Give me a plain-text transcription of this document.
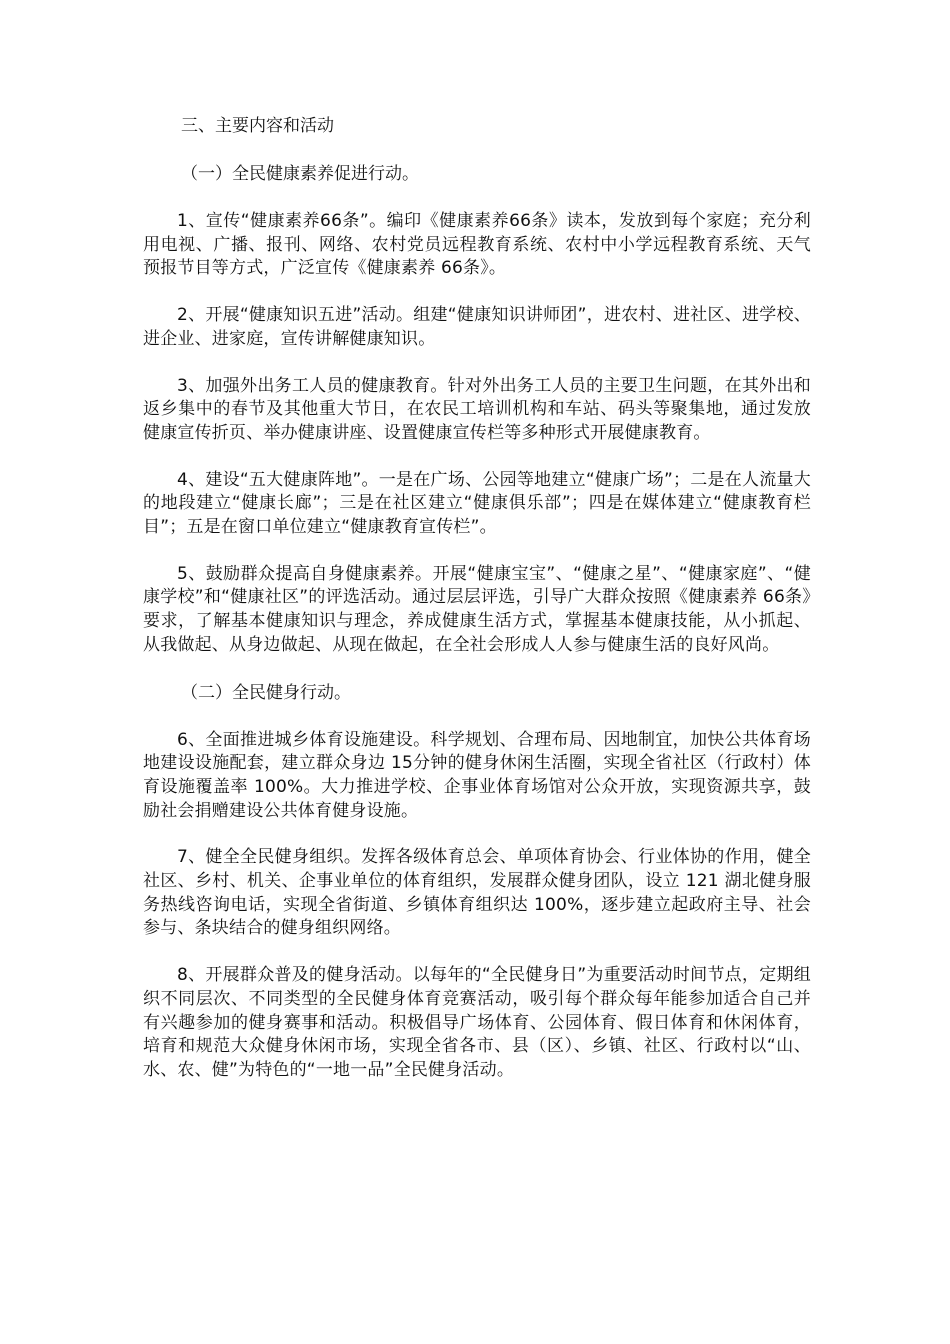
三、主要内容和活动
（一）全民健康素养促进行动。

1、宣传“健康素养66条”。编印《健康素养66条》读本，发放到每个家庭；充分利用电视、广播、报刊、网络、农村党员远程教育系统、农村中小学远程教育系统、天气预报节目等方式，广泛宣传《健康素养 66条》。

2、开展“健康知识五进”活动。组建“健康知识讲师团”，进农村、进社区、进学校、进企业、进家庭，宣传讲解健康知识。

3、加强外出务工人员的健康教育。针对外出务工人员的主要卫生问题，在其外出和返乡集中的春节及其他重大节日，在农民工培训机构和车站、码头等聚集地，通过发放健康宣传折页、举办健康讲座、设置健康宣传栏等多种形式开展健康教育。

4、建设“五大健康阵地”。一是在广场、公园等地建立“健康广场”；二是在人流量大的地段建立“健康长廊”；三是在社区建立“健康俱乐部”；四是在媒体建立“健康教育栏目”；五是在窗口单位建立“健康教育宣传栏”。

5、鼓励群众提高自身健康素养。开展“健康宝宝”、“健康之星”、“健康家庭”、“健康学校”和“健康社区”的评选活动。通过层层评选，引导广大群众按照《健康素养 66条》要求，了解基本健康知识与理念，养成健康生活方式，掌握基本健康技能，从小抓起、从我做起、从身边做起、从现在做起，在全社会形成人人参与健康生活的良好风尚。

（二）全民健身行动。

6、全面推进城乡体育设施建设。科学规划、合理布局、因地制宜，加快公共体育场地建设设施配套，建立群众身边 15分钟的健身休闲生活圈，实现全省社区（行政村）体育设施覆盖率 100%。大力推进学校、企事业体育场馆对公众开放，实现资源共享，鼓励社会捐赠建设公共体育健身设施。

7、健全全民健身组织。发挥各级体育总会、单项体育协会、行业体协的作用，健全社区、乡村、机关、企事业单位的体育组织，发展群众健身团队，设立 121 湖北健身服务热线咨询电话，实现全省街道、乡镇体育组织达 100%，逐步建立起政府主导、社会参与、条块结合的健身组织网络。

8、开展群众普及的健身活动。以每年的“全民健身日”为重要活动时间节点，定期组织不同层次、不同类型的全民健身体育竞赛活动，吸引每个群众每年能参加适合自己并有兴趣参加的健身赛事和活动。积极倡导广场体育、公园体育、假日体育和休闲体育，培育和规范大众健身休闲市场，实现全省各市、县（区）、乡镇、社区、行政村以“山、水、农、健”为特色的“一地一品”全民健身活动。
